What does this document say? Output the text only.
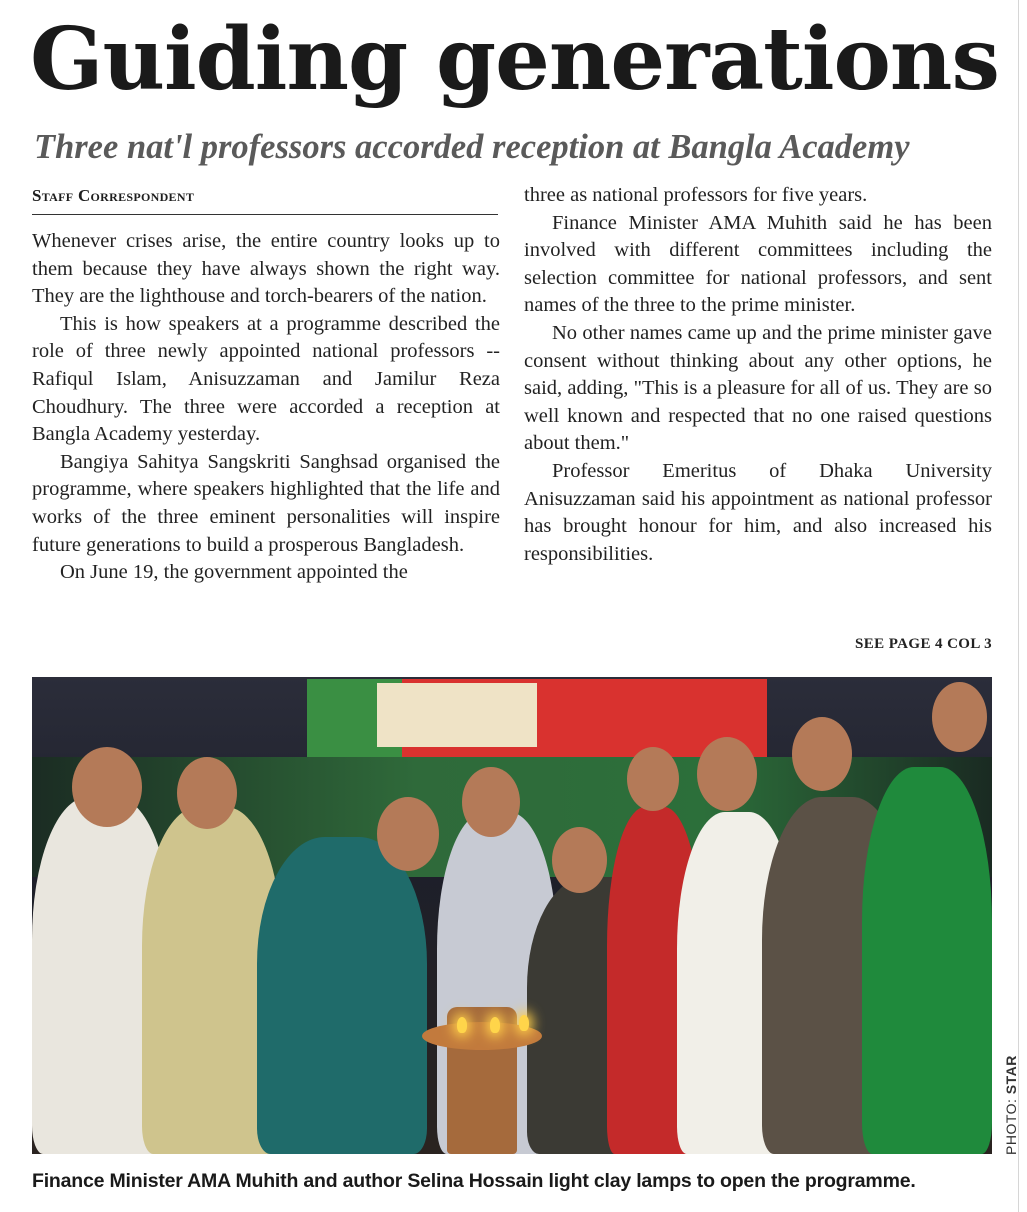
Guiding generations
Three nat'l professors accorded reception at Bangla Academy
Staff Correspondent

Whenever crises arise, the entire country looks up to them because they have always shown the right way. They are the lighthouse and torch-bearers of the nation.

This is how speakers at a programme described the role of three newly appointed national professors -- Rafiqul Islam, Anisuzzaman and Jamilur Reza Choudhury. The three were accorded a reception at Bangla Academy yesterday.

Bangiya Sahitya Sangskriti Sanghsad organised the programme, where speakers highlighted that the life and works of the three eminent personalities will inspire future generations to build a prosperous Bangladesh.

On June 19, the government appointed the

three as national professors for five years.

Finance Minister AMA Muhith said he has been involved with different committees including the selection committee for national professors, and sent names of the three to the prime minister.

No other names came up and the prime minister gave consent without thinking about any other options, he said, adding, "This is a pleasure for all of us. They are so well known and respected that no one raised questions about them."

Professor Emeritus of Dhaka University Anisuzzaman said his appointment as national professor has brought honour for him, and also increased his responsibilities.

SEE PAGE 4 COL 3
PHOTO: STAR
Finance Minister AMA Muhith and author Selina Hossain light clay lamps to open the programme.
